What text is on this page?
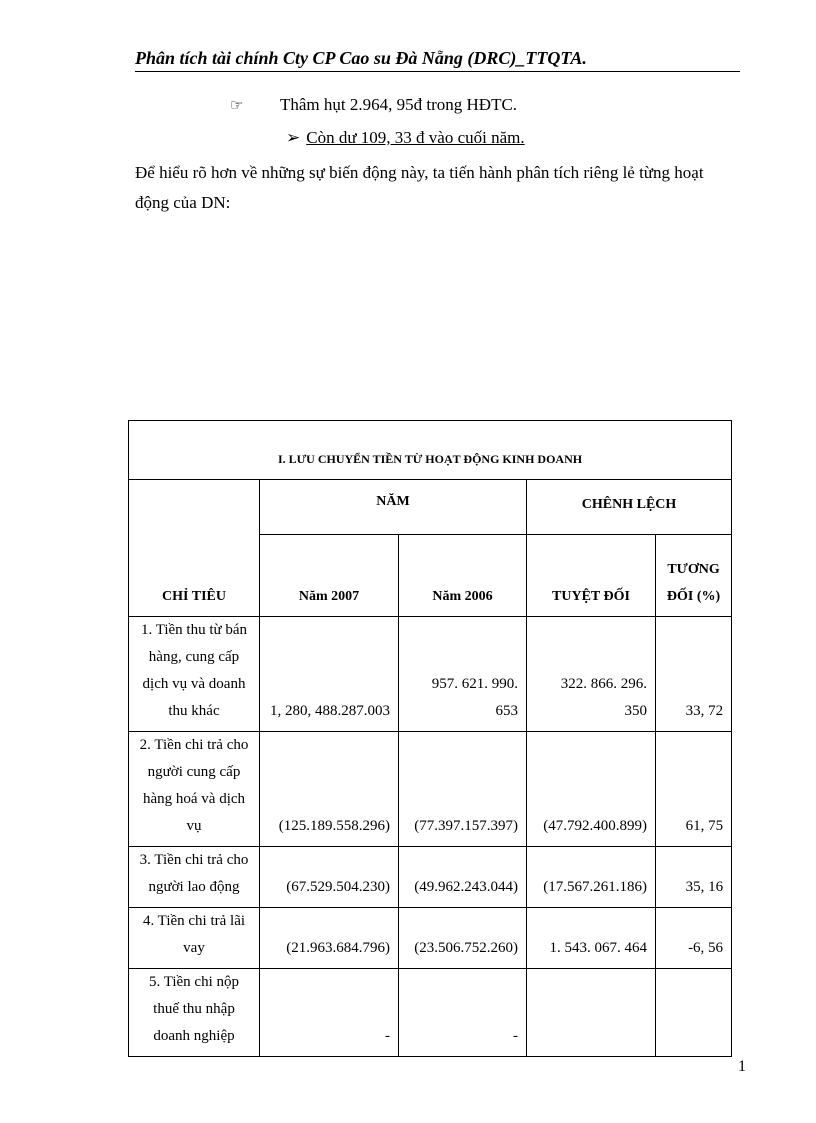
Phân tích tài chính Cty CP Cao su Đà Nẵng (DRC)_TTQTA.
☞ Thâm hụt 2.964, 95đ trong HĐTC.
➢ Còn dư 109, 33 đ vào cuối năm.
Để hiểu rõ hơn về những sự biến động này, ta tiến hành phân tích riêng lẻ từng hoạt động của DN:
I. LƯU CHUYỂN TIỀN TỪ HOẠT ĐỘNG KINH DOANH				
CHỈ TIÊU	NĂM		CHÊNH LỆCH	
	Năm 2007	Năm 2006	TUYỆT ĐỐI	TƯƠNG ĐỐI (%)
1. Tiền thu từ bán hàng, cung cấp dịch vụ và doanh thu khác	1, 280, 488.287.003	957. 621. 990. 653	322. 866. 296. 350	33, 72
2. Tiền chi trả cho người cung cấp hàng hoá và dịch vụ	(125.189.558.296)	(77.397.157.397)	(47.792.400.899)	61, 75
3. Tiền chi trả cho người lao động	(67.529.504.230)	(49.962.243.044)	(17.567.261.186)	35, 16
4. Tiền chi trả lãi vay	(21.963.684.796)	(23.506.752.260)	1. 543. 067. 464	-6, 56
5. Tiền chi nộp thuế thu nhập doanh nghiệp	-	-		
1
